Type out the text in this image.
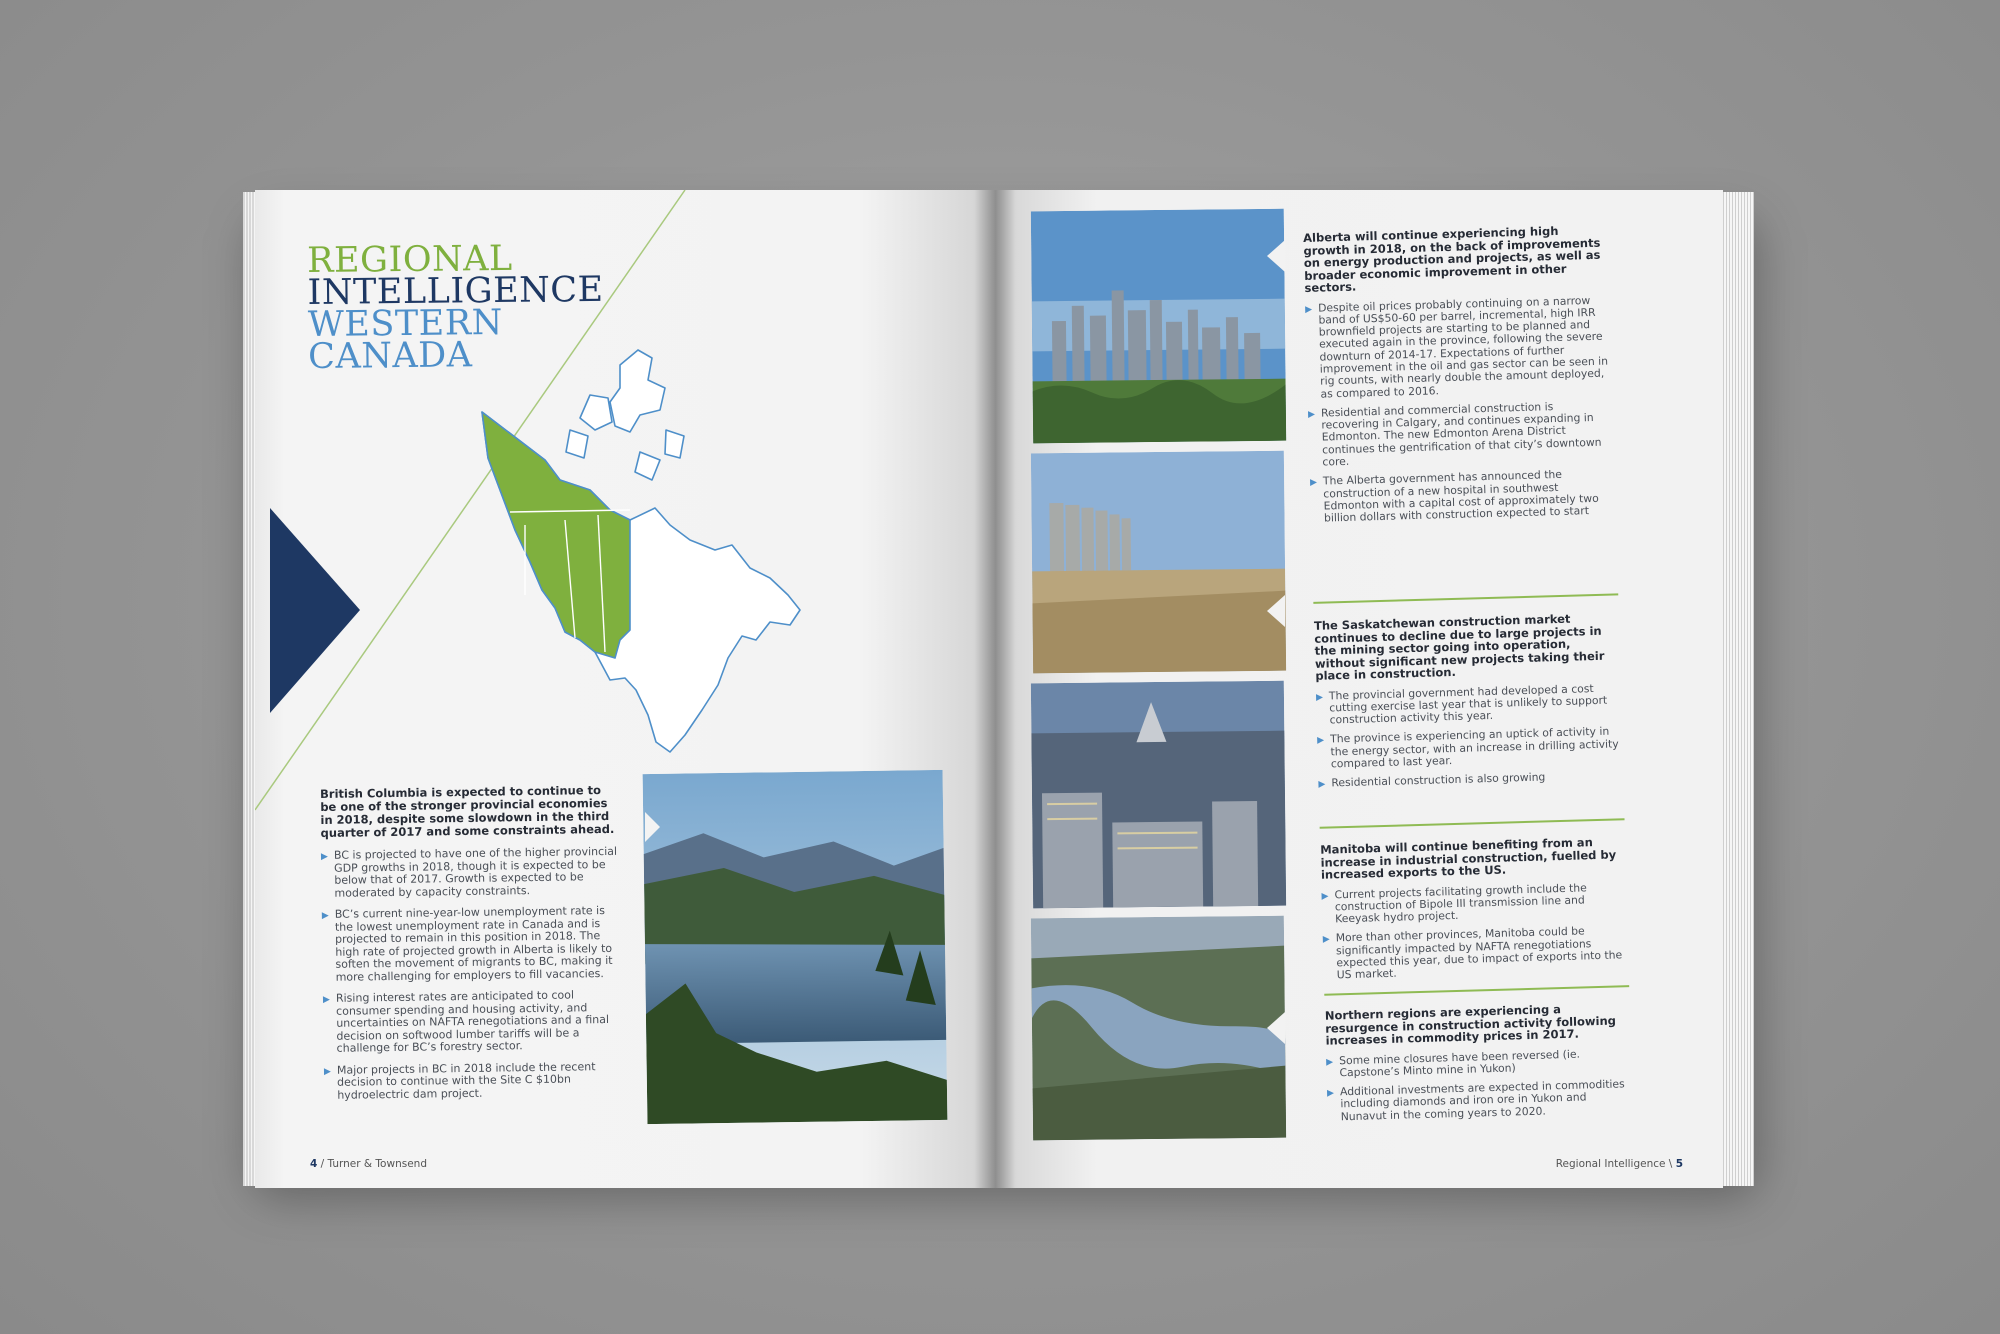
REGIONAL
INTELLIGENCE
WESTERN
CANADA

British Columbia is expected to continue to be one of the stronger provincial economies in 2018, despite some slowdown in the third quarter of 2017 and some constraints ahead.

▶ BC is projected to have one of the higher provincial GDP growths in 2018, though it is expected to be below that of 2017. Growth is expected to be moderated by capacity constraints.
▶ BC’s current nine-year-low unemployment rate is the lowest unemployment rate in Canada and is projected to remain in this position in 2018. The high rate of projected growth in Alberta is likely to soften the movement of migrants to BC, making it more challenging for employers to fill vacancies.
▶ Rising interest rates are anticipated to cool consumer spending and housing activity, and uncertainties on NAFTA renegotiations and a final decision on softwood lumber tariffs will be a challenge for BC’s forestry sector.
▶ Major projects in BC in 2018 include the recent decision to continue with the Site C $10bn hydroelectric dam project.
4 / Turner & Townsend

Alberta will continue experiencing high growth in 2018, on the back of improvements on energy production and projects, as well as broader economic improvement in other sectors.

▶ Despite oil prices probably continuing on a narrow band of US$50-60 per barrel, incremental, high IRR brownfield projects are starting to be planned and executed again in the province, following the severe downturn of 2014-17. Expectations of further improvement in the oil and gas sector can be seen in rig counts, with nearly double the amount deployed, as compared to 2016.
▶ Residential and commercial construction is recovering in Calgary, and continues expanding in Edmonton. The new Edmonton Arena District continues the gentrification of that city’s downtown core.
▶ The Alberta government has announced the construction of a new hospital in southwest Edmonton with a capital cost of approximately two billion dollars with construction expected to start

The Saskatchewan construction market continues to decline due to large projects in the mining sector going into operation, without significant new projects taking their place in construction.

▶ The provincial government had developed a cost cutting exercise last year that is unlikely to support construction activity this year.
▶ The province is experiencing an uptick of activity in the energy sector, with an increase in drilling activity compared to last year.
▶ Residential construction is also growing

Manitoba will continue benefiting from an increase in industrial construction, fuelled by increased exports to the US.

▶ Current projects facilitating growth include the construction of Bipole III transmission line and Keeyask hydro project.
▶ More than other provinces, Manitoba could be significantly impacted by NAFTA renegotiations expected this year, due to impact of exports into the US market.

Northern regions are experiencing a resurgence in construction activity following increases in commodity prices in 2017.

▶ Some mine closures have been reversed (ie. Capstone’s Minto mine in Yukon)
▶ Additional investments are expected in commodities including diamonds and iron ore in Yukon and Nunavut in the coming years to 2020.
Regional Intelligence \ 5
